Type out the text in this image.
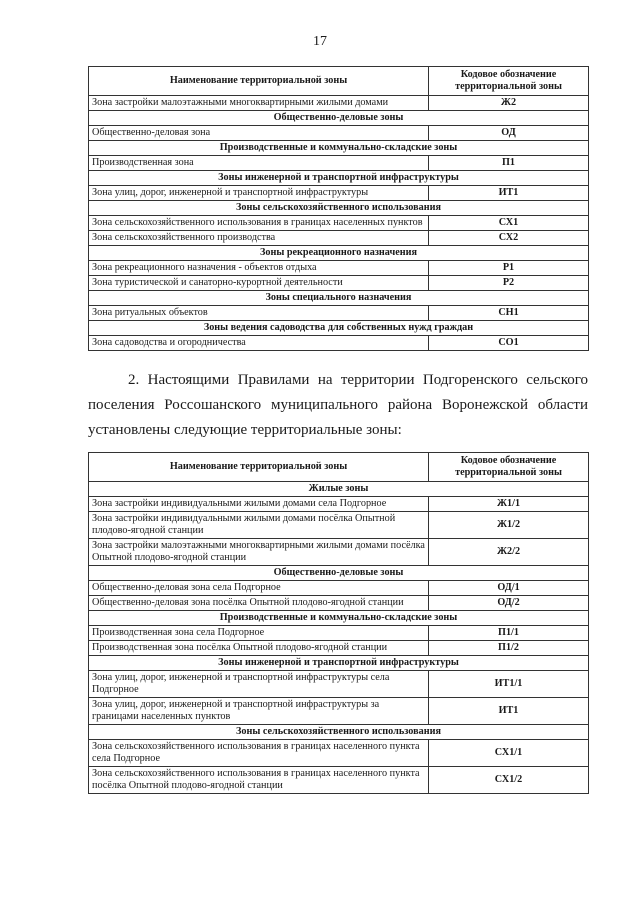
17
Наименование территориальной зоны	Кодовое обозначение территориальной зоны
Зона застройки малоэтажными многоквартирными жилыми домами	Ж2
Общественно-деловые зоны	
Общественно-деловая зона	ОД
Производственные и коммунально-складские зоны	
Производственная зона	П1
Зоны инженерной и транспортной инфраструктуры	
Зона улиц, дорог, инженерной и транспортной инфраструктуры	ИТ1
Зоны сельскохозяйственного использования	
Зона сельскохозяйственного использования в границах населенных пунктов	СХ1
Зона сельскохозяйственного производства	СХ2
Зоны рекреационного назначения	
Зона рекреационного назначения - объектов отдыха	Р1
Зона туристической и санаторно-курортной деятельности	Р2
Зоны специального назначения	
Зона ритуальных объектов	СН1
Зоны ведения садоводства для собственных нужд граждан	
Зона садоводства и огородничества	СО1
2. Настоящими Правилами на территории Подгоренского сельского поселения Россошанского муниципального района Воронежской области установлены следующие территориальные зоны:
Наименование территориальной зоны	Кодовое обозначение территориальной зоны
Жилые зоны	
Зона застройки индивидуальными жилыми домами села Подгорное	Ж1/1
Зона застройки индивидуальными жилыми домами посёлка Опытной плодово-ягодной станции	Ж1/2
Зона застройки малоэтажными многоквартирными жилыми домами посёлка Опытной плодово-ягодной станции	Ж2/2
Общественно-деловые зоны	
Общественно-деловая зона села Подгорное	ОД/1
Общественно-деловая зона посёлка Опытной плодово-ягодной станции	ОД/2
Производственные и коммунально-складские зоны	
Производственная зона села Подгорное	П1/1
Производственная зона посёлка Опытной плодово-ягодной станции	П1/2
Зоны инженерной и транспортной инфраструктуры	
Зона улиц, дорог, инженерной и транспортной инфраструктуры села Подгорное	ИТ1/1
Зона улиц, дорог, инженерной и транспортной инфраструктуры за границами населенных пунктов	ИТ1
Зоны сельскохозяйственного использования	
Зона сельскохозяйственного использования в границах населенного пункта села Подгорное	СХ1/1
Зона сельскохозяйственного использования в границах населенного пункта посёлка Опытной плодово-ягодной станции	СХ1/2
